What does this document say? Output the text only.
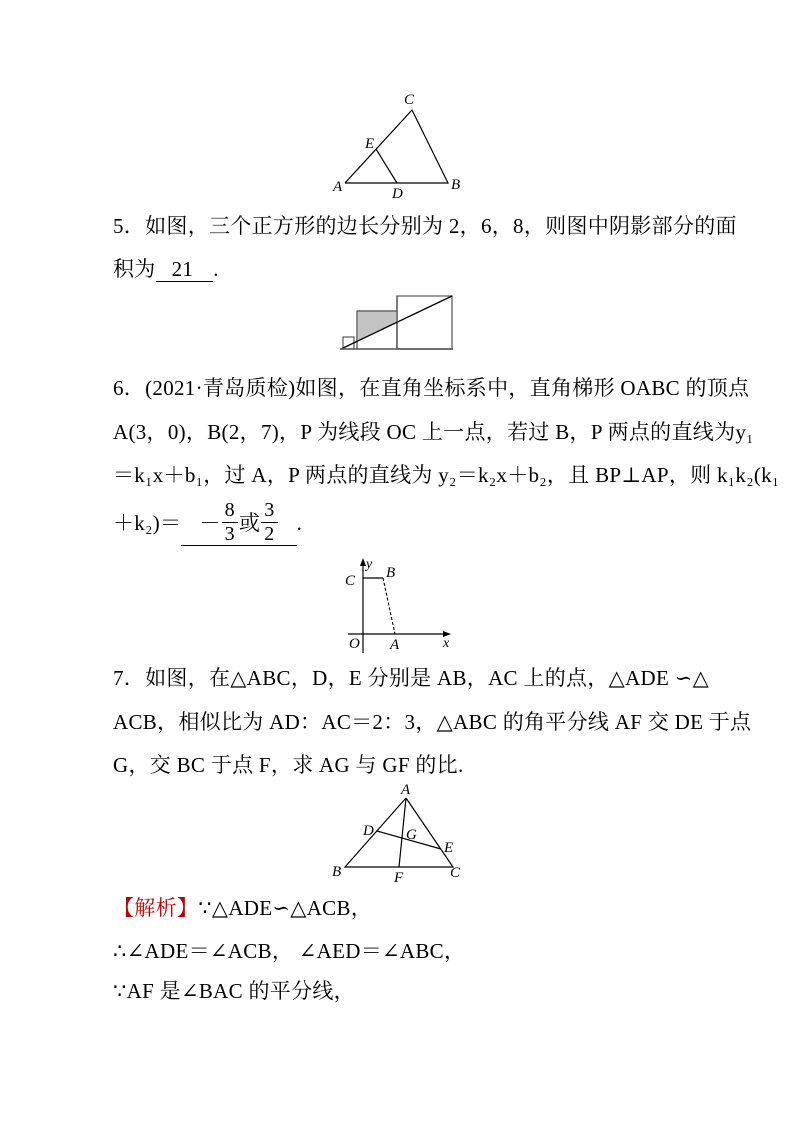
C
E
A	D
B
5．如图，三个正方形的边长分别为 2，6，8，则图中阴影部分的面
积为 21 .
6．(2021·青岛质检)如图，在直角坐标系中，直角梯形 OABC 的顶点
A(3，0)，B(2，7)，P 为线段 OC 上一点，若过 B，P 两点的直线为y₁
＝k₁x＋b₁，过 A，P 两点的直线为 y₂＝k₂x＋b₂，且 BP⊥AP，则 k₁k₂(k₁
$+k_2)= - \frac{8}{3}$ 或 $\frac{3}{2}$ .
y
x
C B
O A
7．如图，在△ABC，D，E 分别是 AB，AC 上的点，△ADE ∽△
ACB，相似比为 AD：AC＝2：3，△ABC 的角平分线 AF 交 DE 于点
G，交 BC 于点 F，求 AG 与 GF 的比.
A
B	C
D
E
F
G
【解析】∵△ADE∽△ACB，
∴∠ADE＝∠ACB， ∠AED＝∠ABC，
∵AF 是∠BAC 的平分线，
